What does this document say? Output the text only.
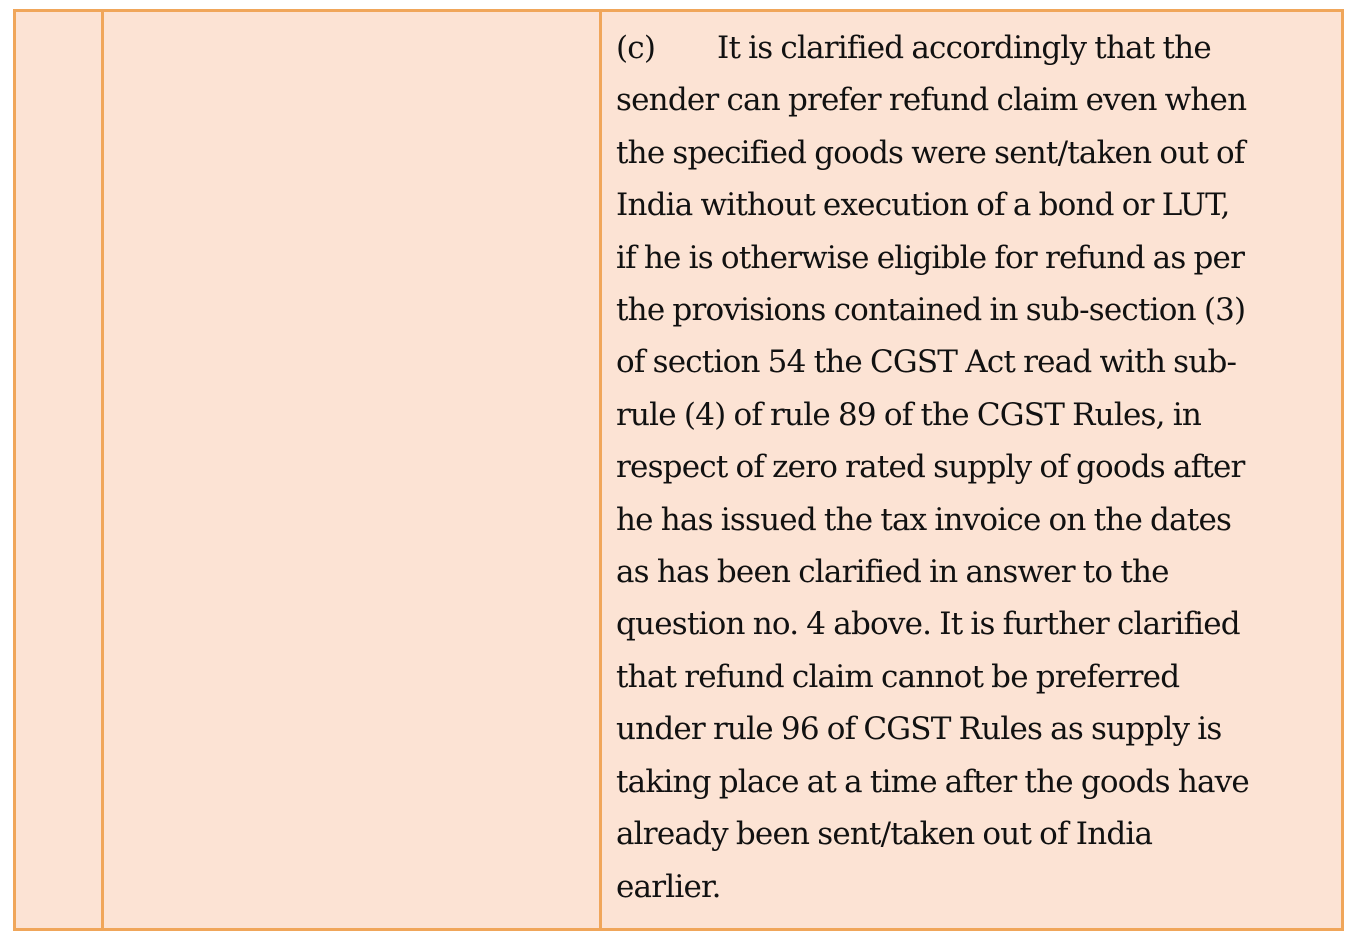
(c) It is clarified accordingly that the
sender can prefer refund claim even when
the specified goods were sent/taken out of
India without execution of a bond or LUT,
if he is otherwise eligible for refund as per
the provisions contained in sub-section (3)
of section 54 the CGST Act read with sub-
rule (4) of rule 89 of the CGST Rules, in
respect of zero rated supply of goods after
he has issued the tax invoice on the dates
as has been clarified in answer to the
question no. 4 above. It is further clarified
that refund claim cannot be preferred
under rule 96 of CGST Rules as supply is
taking place at a time after the goods have
already been sent/taken out of India
earlier.
